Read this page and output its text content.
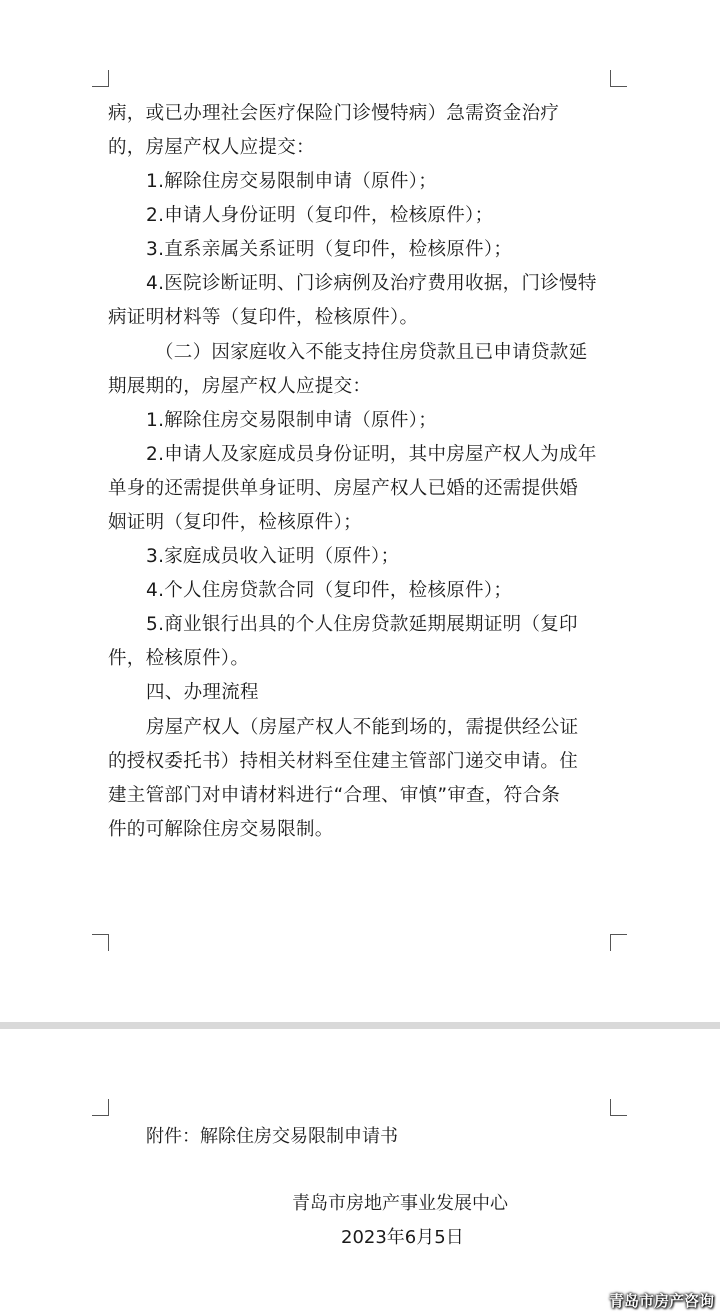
病，或已办理社会医疗保险门诊慢特病）急需资金治疗
的，房屋产权人应提交：
1.解除住房交易限制申请（原件）；
2.申请人身份证明（复印件，检核原件）；
3.直系亲属关系证明（复印件，检核原件）；
4.医院诊断证明、门诊病例及治疗费用收据，门诊慢特
病证明材料等（复印件，检核原件）。
（二）因家庭收入不能支持住房贷款且已申请贷款延
期展期的，房屋产权人应提交：
1.解除住房交易限制申请（原件）；
2.申请人及家庭成员身份证明，其中房屋产权人为成年
单身的还需提供单身证明、房屋产权人已婚的还需提供婚
姻证明（复印件，检核原件）；
3.家庭成员收入证明（原件）；
4.个人住房贷款合同（复印件，检核原件）；
5.商业银行出具的个人住房贷款延期展期证明（复印
件，检核原件）。
四、办理流程
房屋产权人（房屋产权人不能到场的，需提供经公证
的授权委托书）持相关材料至住建主管部门递交申请。住
建主管部门对申请材料进行“合理、审慎”审查，符合条
件的可解除住房交易限制。
附件：解除住房交易限制申请书
青岛市房地产事业发展中心
2023年6月5日
青岛市房产咨询
